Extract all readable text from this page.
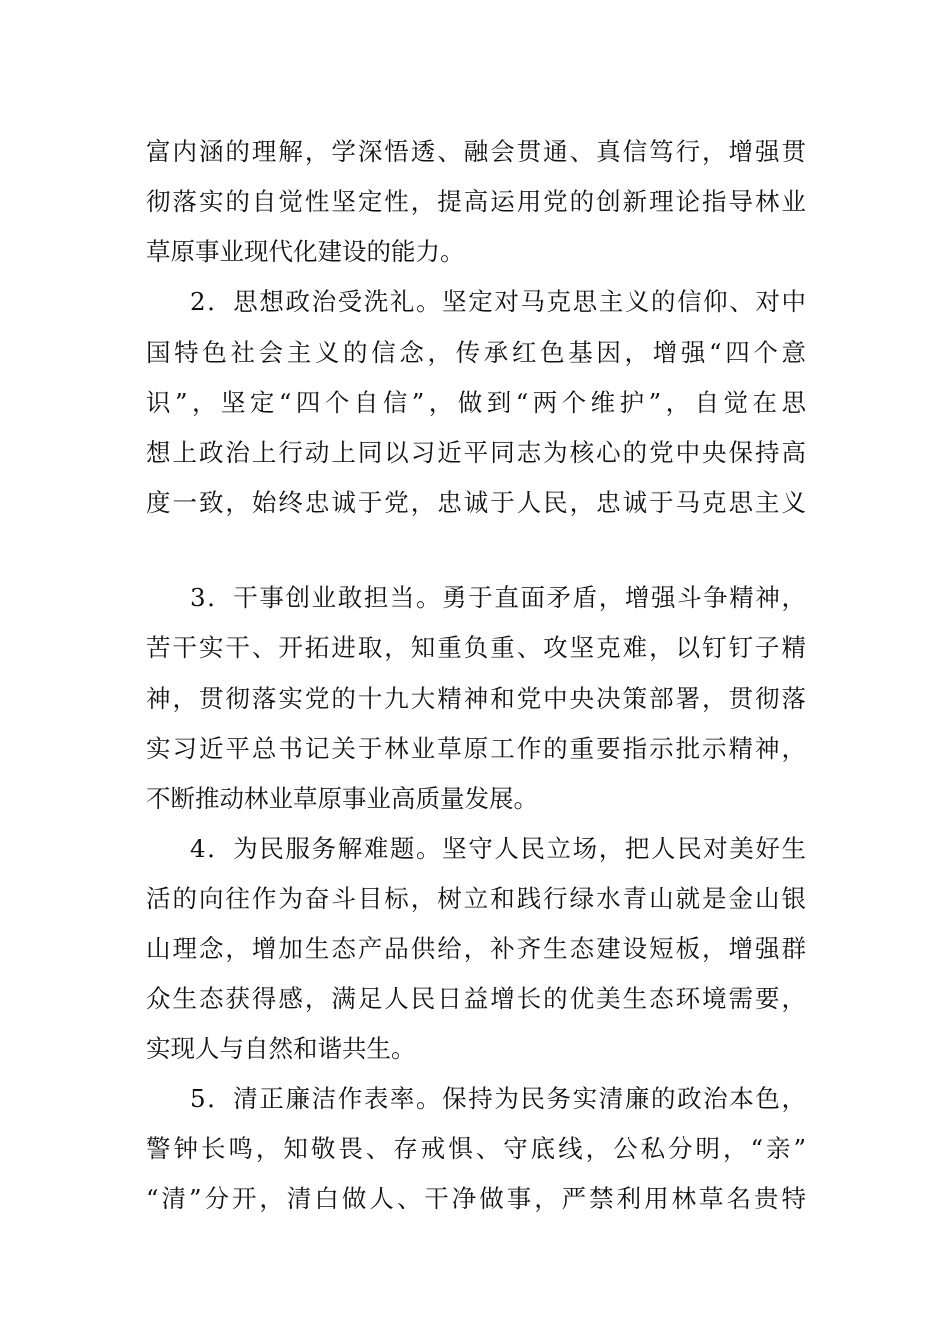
富内涵的理解，学深悟透、融会贯通、真信笃行，增强贯
彻落实的自觉性坚定性，提高运用党的创新理论指导林业
草原事业现代化建设的能力。
2．思想政治受洗礼。坚定对马克思主义的信仰、对中
国特色社会主义的信念，传承红色基因，增强“四个意
识”，坚定“四个自信”，做到“两个维护”，自觉在思
想上政治上行动上同以习近平同志为核心的党中央保持高
度一致，始终忠诚于党，忠诚于人民，忠诚于马克思主义
3．干事创业敢担当。勇于直面矛盾，增强斗争精神，
苦干实干、开拓进取，知重负重、攻坚克难，以钉钉子精
神，贯彻落实党的十九大精神和党中央决策部署，贯彻落
实习近平总书记关于林业草原工作的重要指示批示精神，
不断推动林业草原事业高质量发展。
4．为民服务解难题。坚守人民立场，把人民对美好生
活的向往作为奋斗目标，树立和践行绿水青山就是金山银
山理念，增加生态产品供给，补齐生态建设短板，增强群
众生态获得感，满足人民日益增长的优美生态环境需要，
实现人与自然和谐共生。
5．清正廉洁作表率。保持为民务实清廉的政治本色，
警钟长鸣，知敬畏、存戒惧、守底线，公私分明，“亲”
“清”分开，清白做人、干净做事，严禁利用林草名贵特
